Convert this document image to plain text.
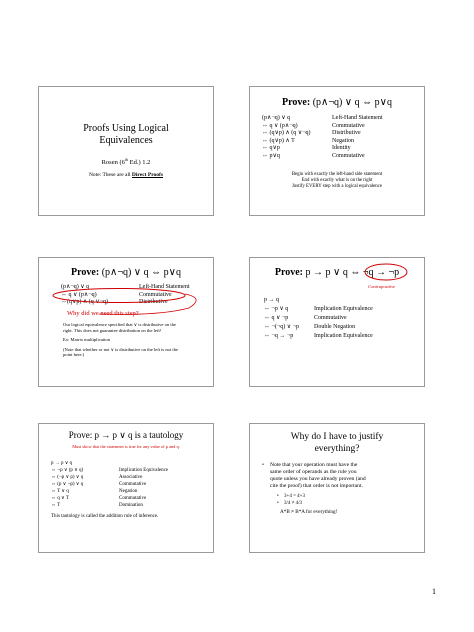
Proofs Using Logical
Equivalences
Rosen (6th Ed.) 1.2
Note: These are all Direct Proofs
Prove: (p∧¬q) ∨ q ⇔ p∨q
(p∧¬q) ∨ q	Left-Hand Statement
⇔ q ∨ (p∧¬q)	Commutative
⇔ (q∨p) ∧ (q ∨¬q)	Distributive
⇔ (q∨p) ∧ T	Negation
⇔ q∨p	Identity
⇔ p∨q	Commutative
Begin with exactly the left-hand side statement
End with exactly what is on the right
Justify EVERY step with a logical equivalence
Prove: (p∧¬q) ∨ q ⇔ p∨q
(p∧¬q) ∨ q	Left-Hand Statement
⇔ q ∨ (p∧¬q)	Commutative
⇔(q∨p) ∧ (q ∨¬q)	Distributive
Why did we need this step?
Our logical equivalence specified that ∨ is distributive on the
right. This does not guarantee distribution on the left!
Ex: Matrix multiplication
(Note that whether or not ∨ is distributive on the left is not the
point here.)
Prove: p → p ∨ q ⇔ ¬q → ¬p
Contrapositive
p → q
⇔ ¬p ∨ q	Implication Equivalence
⇔ q ∨ ¬p	Commutative
⇔ ¬(¬q) ∨ ¬p Double Negation
⇔ ¬q → ¬p	Implication Equivalence
Prove: p → p ∨ q is a tautology
Must show that the statement is true for any value of p and q.
p → p ∨ q
⇔ ¬p ∨ (p ∨ q)	Implication Equivalence
⇔ (¬p ∨ p) ∨ q	Associative
⇔ (p ∨ ¬p) ∨ q	Commutative
⇔ T ∨ q	Negation
⇔ q ∨ T	Commutative
⇔ T	Domination
This tautology is called the addition rule of inference.
Why do I have to justify
everything?
• Note that your operation must have the
same order of operands as the rule you
quote unless you have already proven (and
cite the proof) that order is not important.
• 3+4 = 4+3
• 3/4 ≠ 4/3
A*B ≠ B*A for everything!
1
